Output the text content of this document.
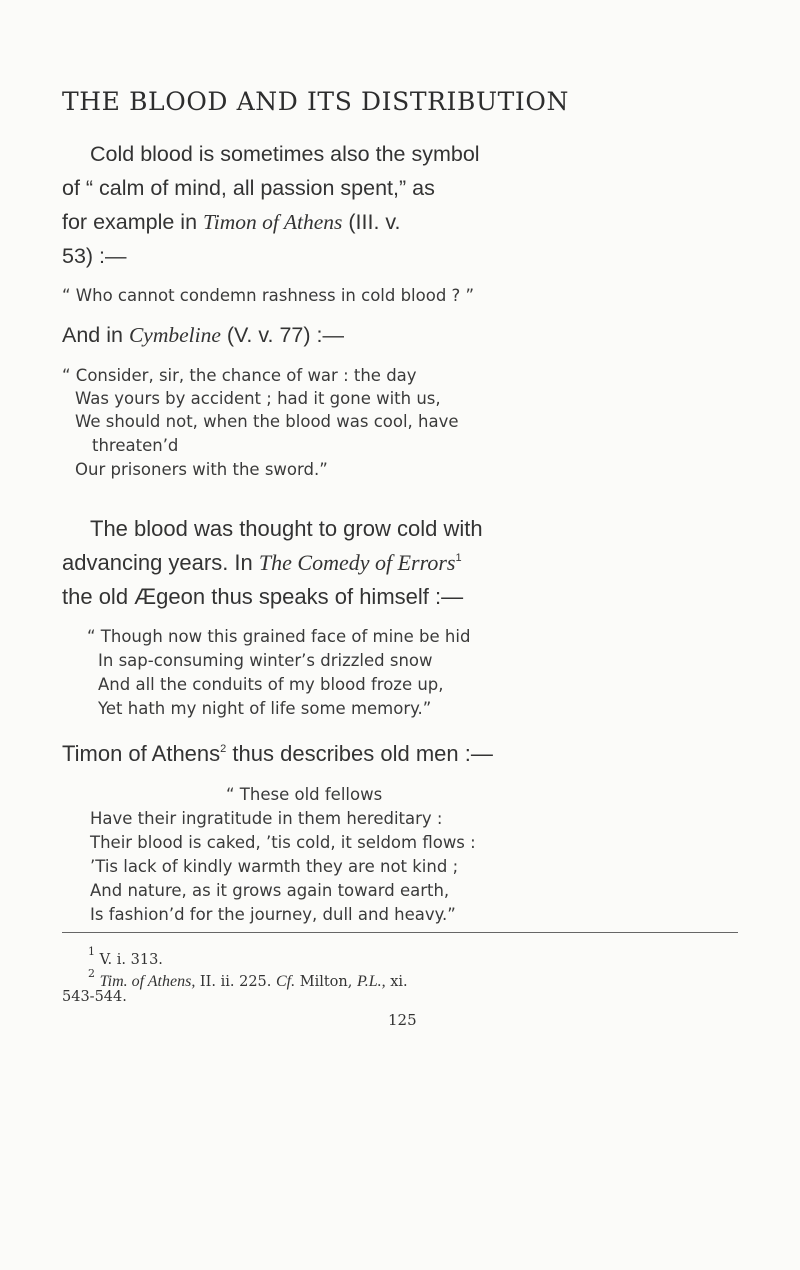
THE BLOOD AND ITS DISTRIBUTION
Cold blood is sometimes also the symbol
of “ calm of mind, all passion spent,” as
for example in Timon of Athens (III. v.
53) :—
“ Who cannot condemn rashness in cold blood ? ”
And in Cymbeline (V. v. 77) :—
“ Consider, sir, the chance of war : the day
Was yours by accident ; had it gone with us,
We should not, when the blood was cool, have
threaten’d
Our prisoners with the sword.”
The blood was thought to grow cold with
advancing years. In The Comedy of Errors$^1$
the old Ægeon thus speaks of himself :—
“ Though now this grained face of mine be hid
In sap-consuming winter’s drizzled snow
And all the conduits of my blood froze up,
Yet hath my night of life some memory.”
Timon of Athens$^2$ thus describes old men :—
“ These old fellows
Have their ingratitude in them hereditary :
Their blood is caked, ’tis cold, it seldom flows :
’Tis lack of kindly warmth they are not kind ;
And nature, as it grows again toward earth,
Is fashion’d for the journey, dull and heavy.”
$^1$ V. i. 313.
$^2$ Tim. of Athens, II. ii. 225. Cf. Milton, P.L., xi.
543-544.
125
